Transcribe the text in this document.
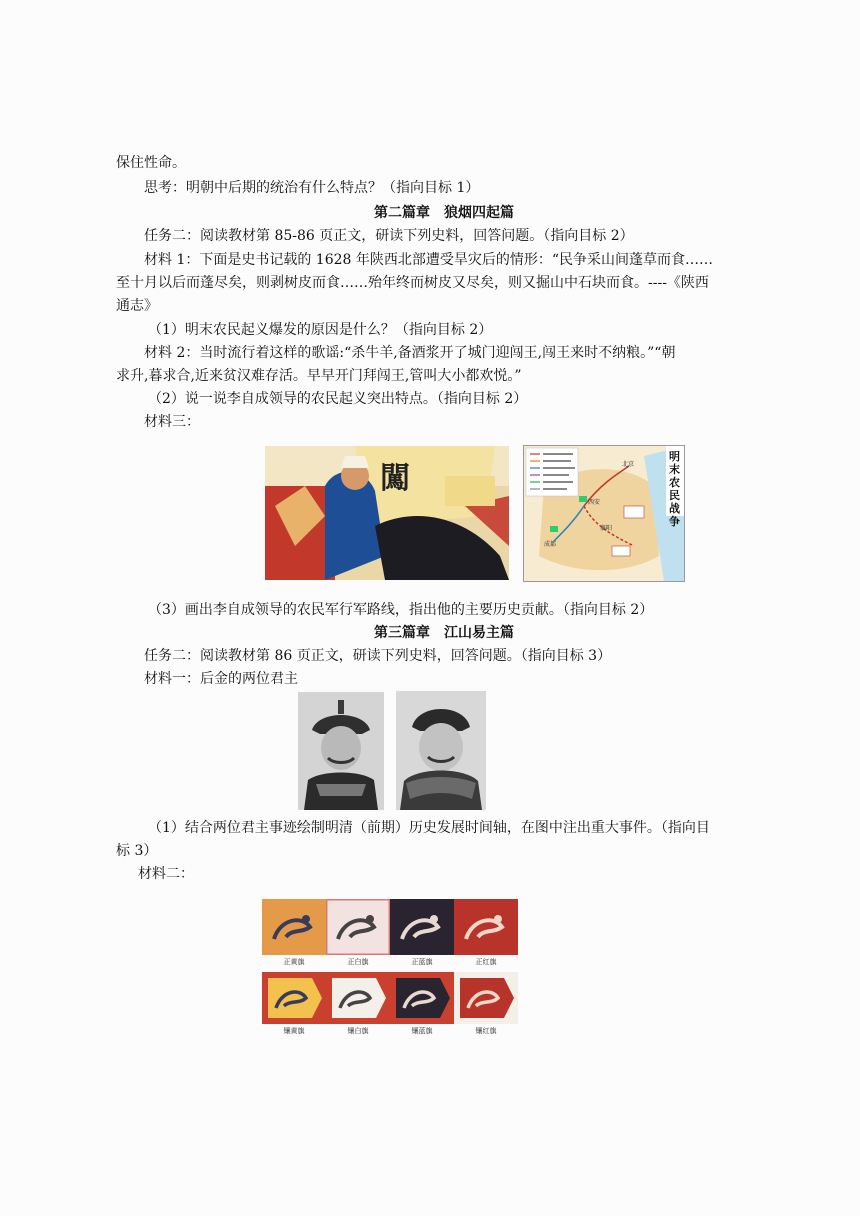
保住性命。
思考：明朝中后期的统治有什么特点？（指向目标 1）
第二篇章　狼烟四起篇
任务二：阅读教材第 85-86 页正文，研读下列史料，回答问题。（指向目标 2）
材料 1：下面是史书记载的 1628 年陕西北部遭受旱灾后的情形：“民争采山间蓬草而食……
至十月以后而蓬尽矣，则剥树皮而食……殆年终而树皮又尽矣，则又掘山中石块而食。----《陕西
通志》
（1）明末农民起义爆发的原因是什么？（指向目标 2）
材料 2：当时流行着这样的歌谣:“杀牛羊,备酒浆开了城门迎闯王,闯王来时不纳粮。”“朝
求升,暮求合,近来贫汉难存活。早早开门拜闯王,管叫大小都欢悦。”
（2）说一说李自成领导的农民起义突出特点。（指向目标 2）
材料三：
闖
西安
北京
襄阳
成都
明末农民战争
（3）画出李自成领导的农民军行军路线，指出他的主要历史贡献。（指向目标 2）
第三篇章　江山易主篇
任务二：阅读教材第 86 页正文，研读下列史料，回答问题。（指向目标 3）
材料一：后金的两位君主
（1）结合两位君主事迹绘制明清（前期）历史发展时间轴，在图中注出重大事件。（指向目
标 3）
材料二：
正黄旗	正白旗	正蓝旗	正红旗
镶黄旗	镶白旗	镶蓝旗	镶红旗
